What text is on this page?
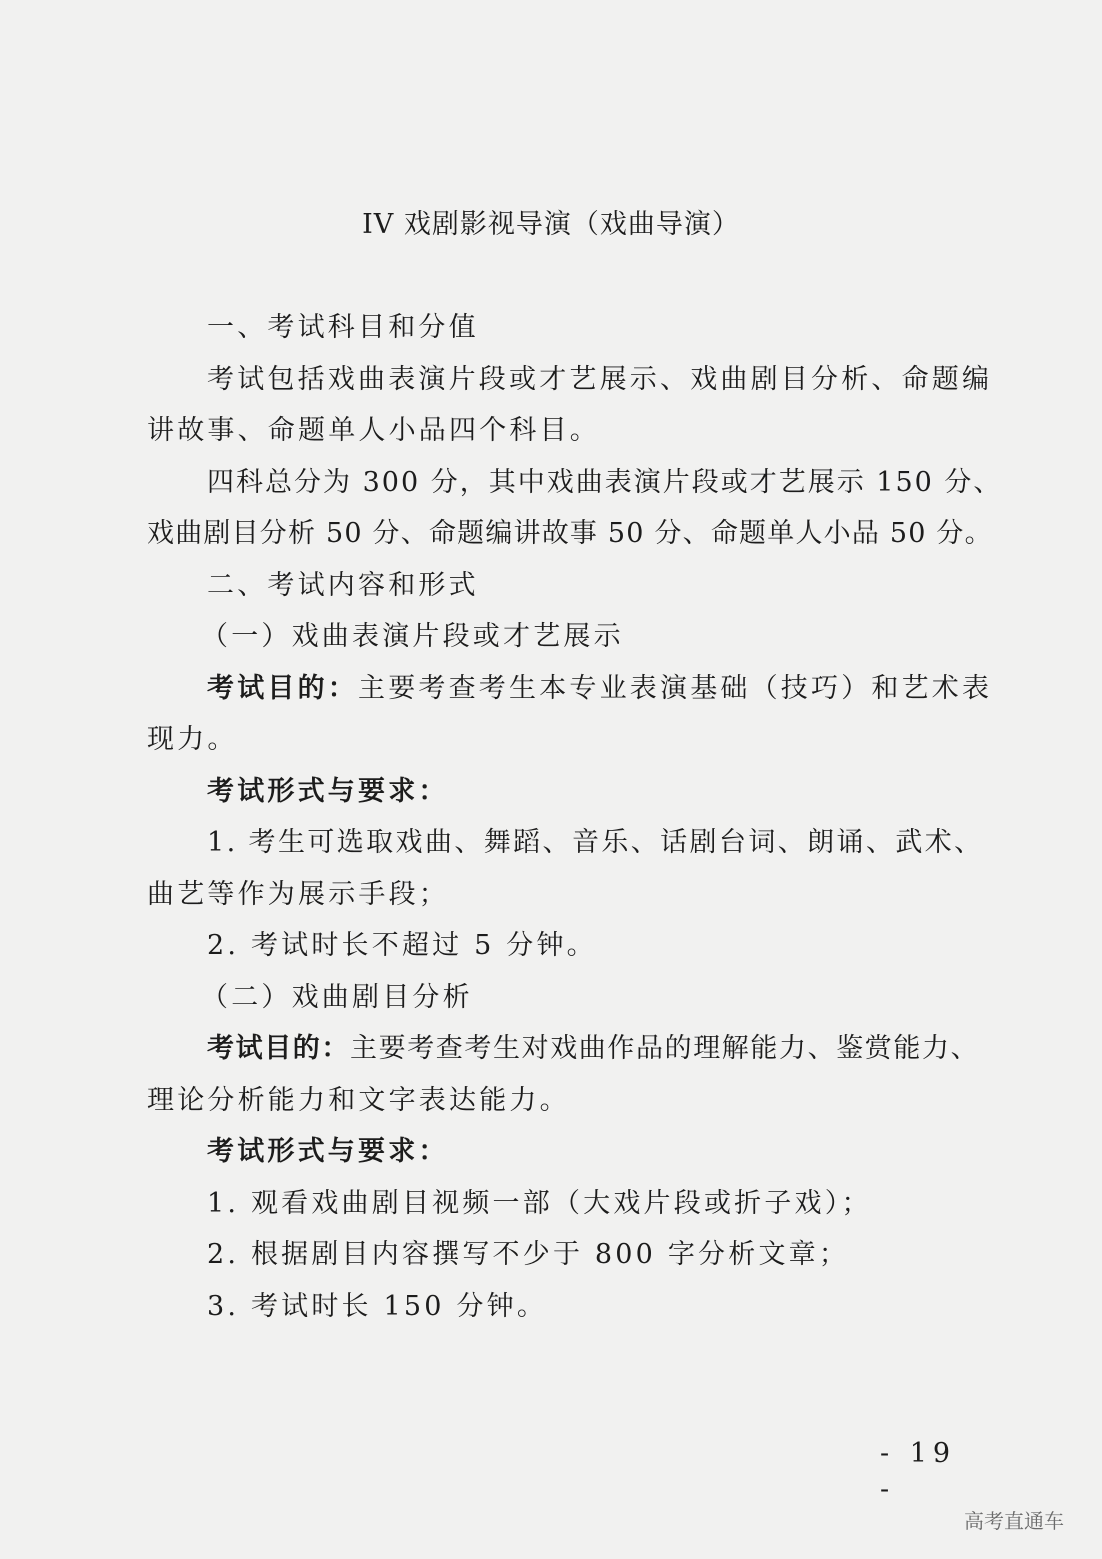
IV 戏剧影视导演（戏曲导演）
一、考试科目和分值
考试包括戏曲表演片段或才艺展示、戏曲剧目分析、命题编
讲故事、命题单人小品四个科目。
四科总分为 300 分，其中戏曲表演片段或才艺展示 150 分、
戏曲剧目分析 50 分、命题编讲故事 50 分、命题单人小品 50 分。
二、考试内容和形式
（一）戏曲表演片段或才艺展示
考试目的：主要考查考生本专业表演基础（技巧）和艺术表
现力。
考试形式与要求：
1. 考生可选取戏曲、舞蹈、音乐、话剧台词、朗诵、武术、
曲艺等作为展示手段；
2. 考试时长不超过 5 分钟。
（二）戏曲剧目分析
考试目的：主要考查考生对戏曲作品的理解能力、鉴赏能力、
理论分析能力和文字表达能力。
考试形式与要求：
1. 观看戏曲剧目视频一部（大戏片段或折子戏）；
2. 根据剧目内容撰写不少于 800 字分析文章；
3. 考试时长 150 分钟。
- 19 -
高考直通车
